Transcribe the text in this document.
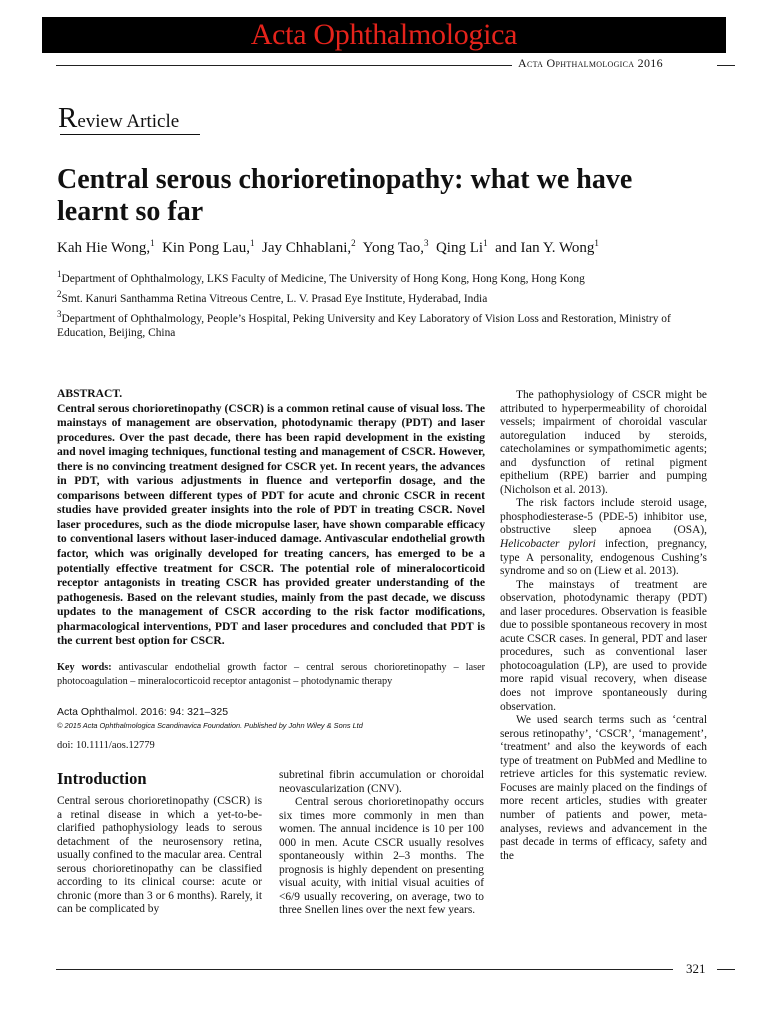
Acta Ophthalmologica
Acta Ophthalmologica 2016
Review Article
Central serous chorioretinopathy: what we have learnt so far
Kah Hie Wong,$^1$ Kin Pong Lau,$^1$ Jay Chhablani,$^2$ Yong Tao,$^3$ Qing Li$^1$ and Ian Y. Wong$^1$
$^1$Department of Ophthalmology, LKS Faculty of Medicine, The University of Hong Kong, Hong Kong, Hong Kong
$^2$Smt. Kanuri Santhamma Retina Vitreous Centre, L. V. Prasad Eye Institute, Hyderabad, India
$^3$Department of Ophthalmology, People’s Hospital, Peking University and Key Laboratory of Vision Loss and Restoration, Ministry of Education, Beijing, China
ABSTRACT.
Central serous chorioretinopathy (CSCR) is a common retinal cause of visual loss. The mainstays of management are observation, photodynamic therapy (PDT) and laser procedures. Over the past decade, there has been rapid development in the existing and novel imaging techniques, functional testing and management of CSCR. However, there is no convincing treatment designed for CSCR yet. In recent years, the advances in PDT, with various adjustments in fluence and verteporfin dosage, and the comparisons between different types of PDT for acute and chronic CSCR in recent studies have provided greater insights into the role of PDT in treating CSCR. Novel laser procedures, such as the diode micropulse laser, have shown comparable efficacy to conventional lasers without laser-induced damage. Antivascular endothelial growth factor, which was originally developed for treating cancers, has emerged to be a potentially effective treatment for CSCR. The potential role of mineralocorticoid receptor antagonists in treating CSCR has provided greater understanding of the pathogenesis. Based on the relevant studies, mainly from the past decade, we discuss updates to the management of CSCR according to the risk factor modifications, pharmacological interventions, PDT and laser procedures and concluded that PDT is the current best option for CSCR.
Key words: antivascular endothelial growth factor – central serous chorioretinopathy – laser photocoagulation – mineralocorticoid receptor antagonist – photodynamic therapy
Acta Ophthalmol. 2016: 94: 321–325
© 2015 Acta Ophthalmologica Scandinavica Foundation. Published by John Wiley & Sons Ltd
doi: 10.1111/aos.12779
Introduction

Central serous chorioretinopathy (CSCR) is a retinal disease in which a yet-to-be-clarified pathophysiology leads to serous detachment of the neurosensory retina, usually confined to the macular area. Central serous chorioretinopathy can be classified according to its clinical course: acute or chronic (more than 3 or 6 months). Rarely, it can be complicated by

subretinal fibrin accumulation or choroidal neovascularization (CNV).

Central serous chorioretinopathy occurs six times more commonly in men than women. The annual incidence is 10 per 100 000 in men. Acute CSCR usually resolves spontaneously within 2–3 months. The prognosis is highly dependent on presenting visual acuity, with initial visual acuities of <6/9 usually recovering, on average, two to three Snellen lines over the next few years.

The pathophysiology of CSCR might be attributed to hyperpermeability of choroidal vessels; impairment of choroidal vascular autoregulation induced by steroids, catecholamines or sympathomimetic agents; and dysfunction of retinal pigment epithelium (RPE) barrier and pumping (Nicholson et al. 2013).

The risk factors include steroid usage, phosphodiesterase-5 (PDE-5) inhibitor use, obstructive sleep apnoea (OSA), Helicobacter pylori infection, pregnancy, type A personality, endogenous Cushing’s syndrome and so on (Liew et al. 2013).

The mainstays of treatment are observation, photodynamic therapy (PDT) and laser procedures. Observation is feasible due to possible spontaneous recovery in most acute CSCR cases. In general, PDT and laser procedures, such as conventional laser photocoagulation (LP), are used to provide more rapid visual recovery, when disease does not improve spontaneously during observation.

We used search terms such as ‘central serous retinopathy’, ‘CSCR’, ‘management’, ‘treatment’ and also the keywords of each type of treatment on PubMed and Medline to retrieve articles for this systematic review. Focuses are mainly placed on the findings of more recent articles, studies with greater number of patients and power, meta-analyses, reviews and advancement in the past decade in terms of efficacy, safety and the

321
